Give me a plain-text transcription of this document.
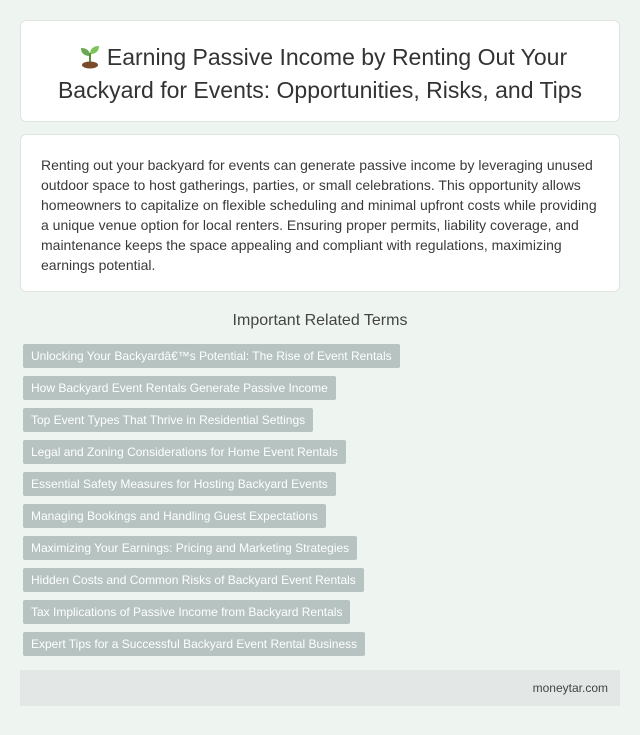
Earning Passive Income by Renting Out Your Backyard for Events: Opportunities, Risks, and Tips

Renting out your backyard for events can generate passive income by leveraging unused outdoor space to host gatherings, parties, or small celebrations. This opportunity allows homeowners to capitalize on flexible scheduling and minimal upfront costs while providing a unique venue option for local renters. Ensuring proper permits, liability coverage, and maintenance keeps the space appealing and compliant with regulations, maximizing earnings potential.

Important Related Terms
Unlocking Your Backyardâ€™s Potential: The Rise of Event Rentals
How Backyard Event Rentals Generate Passive Income
Top Event Types That Thrive in Residential Settings
Legal and Zoning Considerations for Home Event Rentals
Essential Safety Measures for Hosting Backyard Events
Managing Bookings and Handling Guest Expectations
Maximizing Your Earnings: Pricing and Marketing Strategies
Hidden Costs and Common Risks of Backyard Event Rentals
Tax Implications of Passive Income from Backyard Rentals
Expert Tips for a Successful Backyard Event Rental Business
moneytar.com
